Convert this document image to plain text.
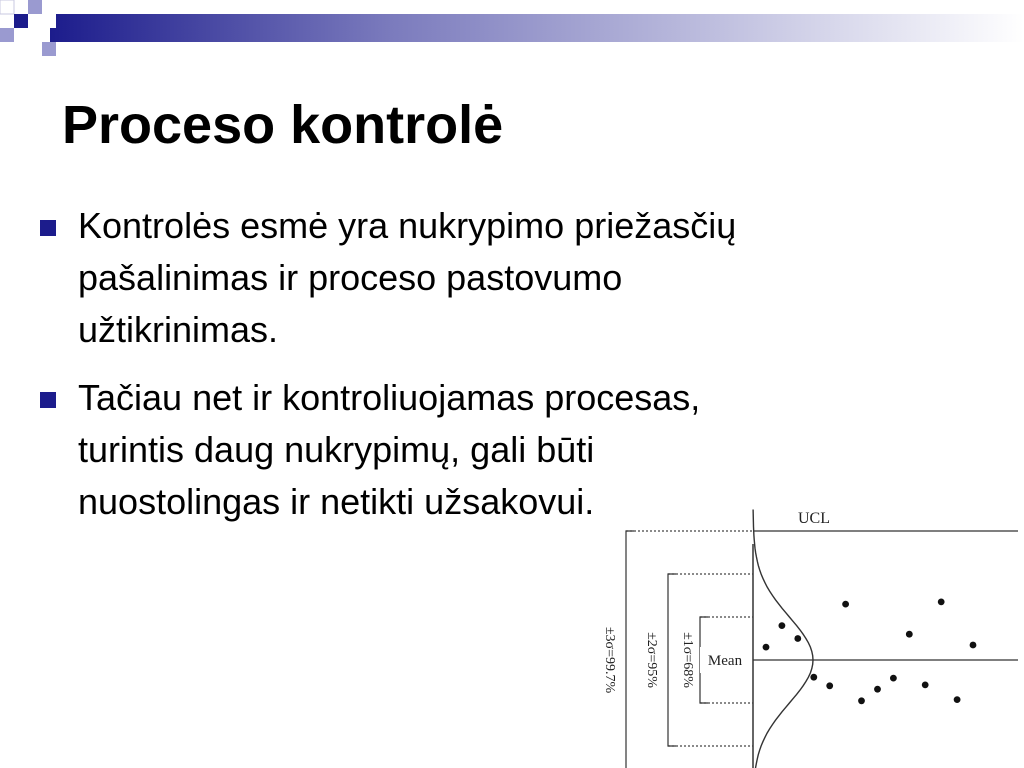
Proceso kontrolė
Kontrolės esmė yra nukrypimo priežasčių
pašalinimas ir proceso pastovumo
užtikrinimas.
Tačiau net ir kontroliuojamas procesas,
turintis daug nukrypimų, gali būti
nuostolingas ir netikti užsakovui.
±3σ=99.7% ±2σ=95% ±1σ=68% Mean
UCL
